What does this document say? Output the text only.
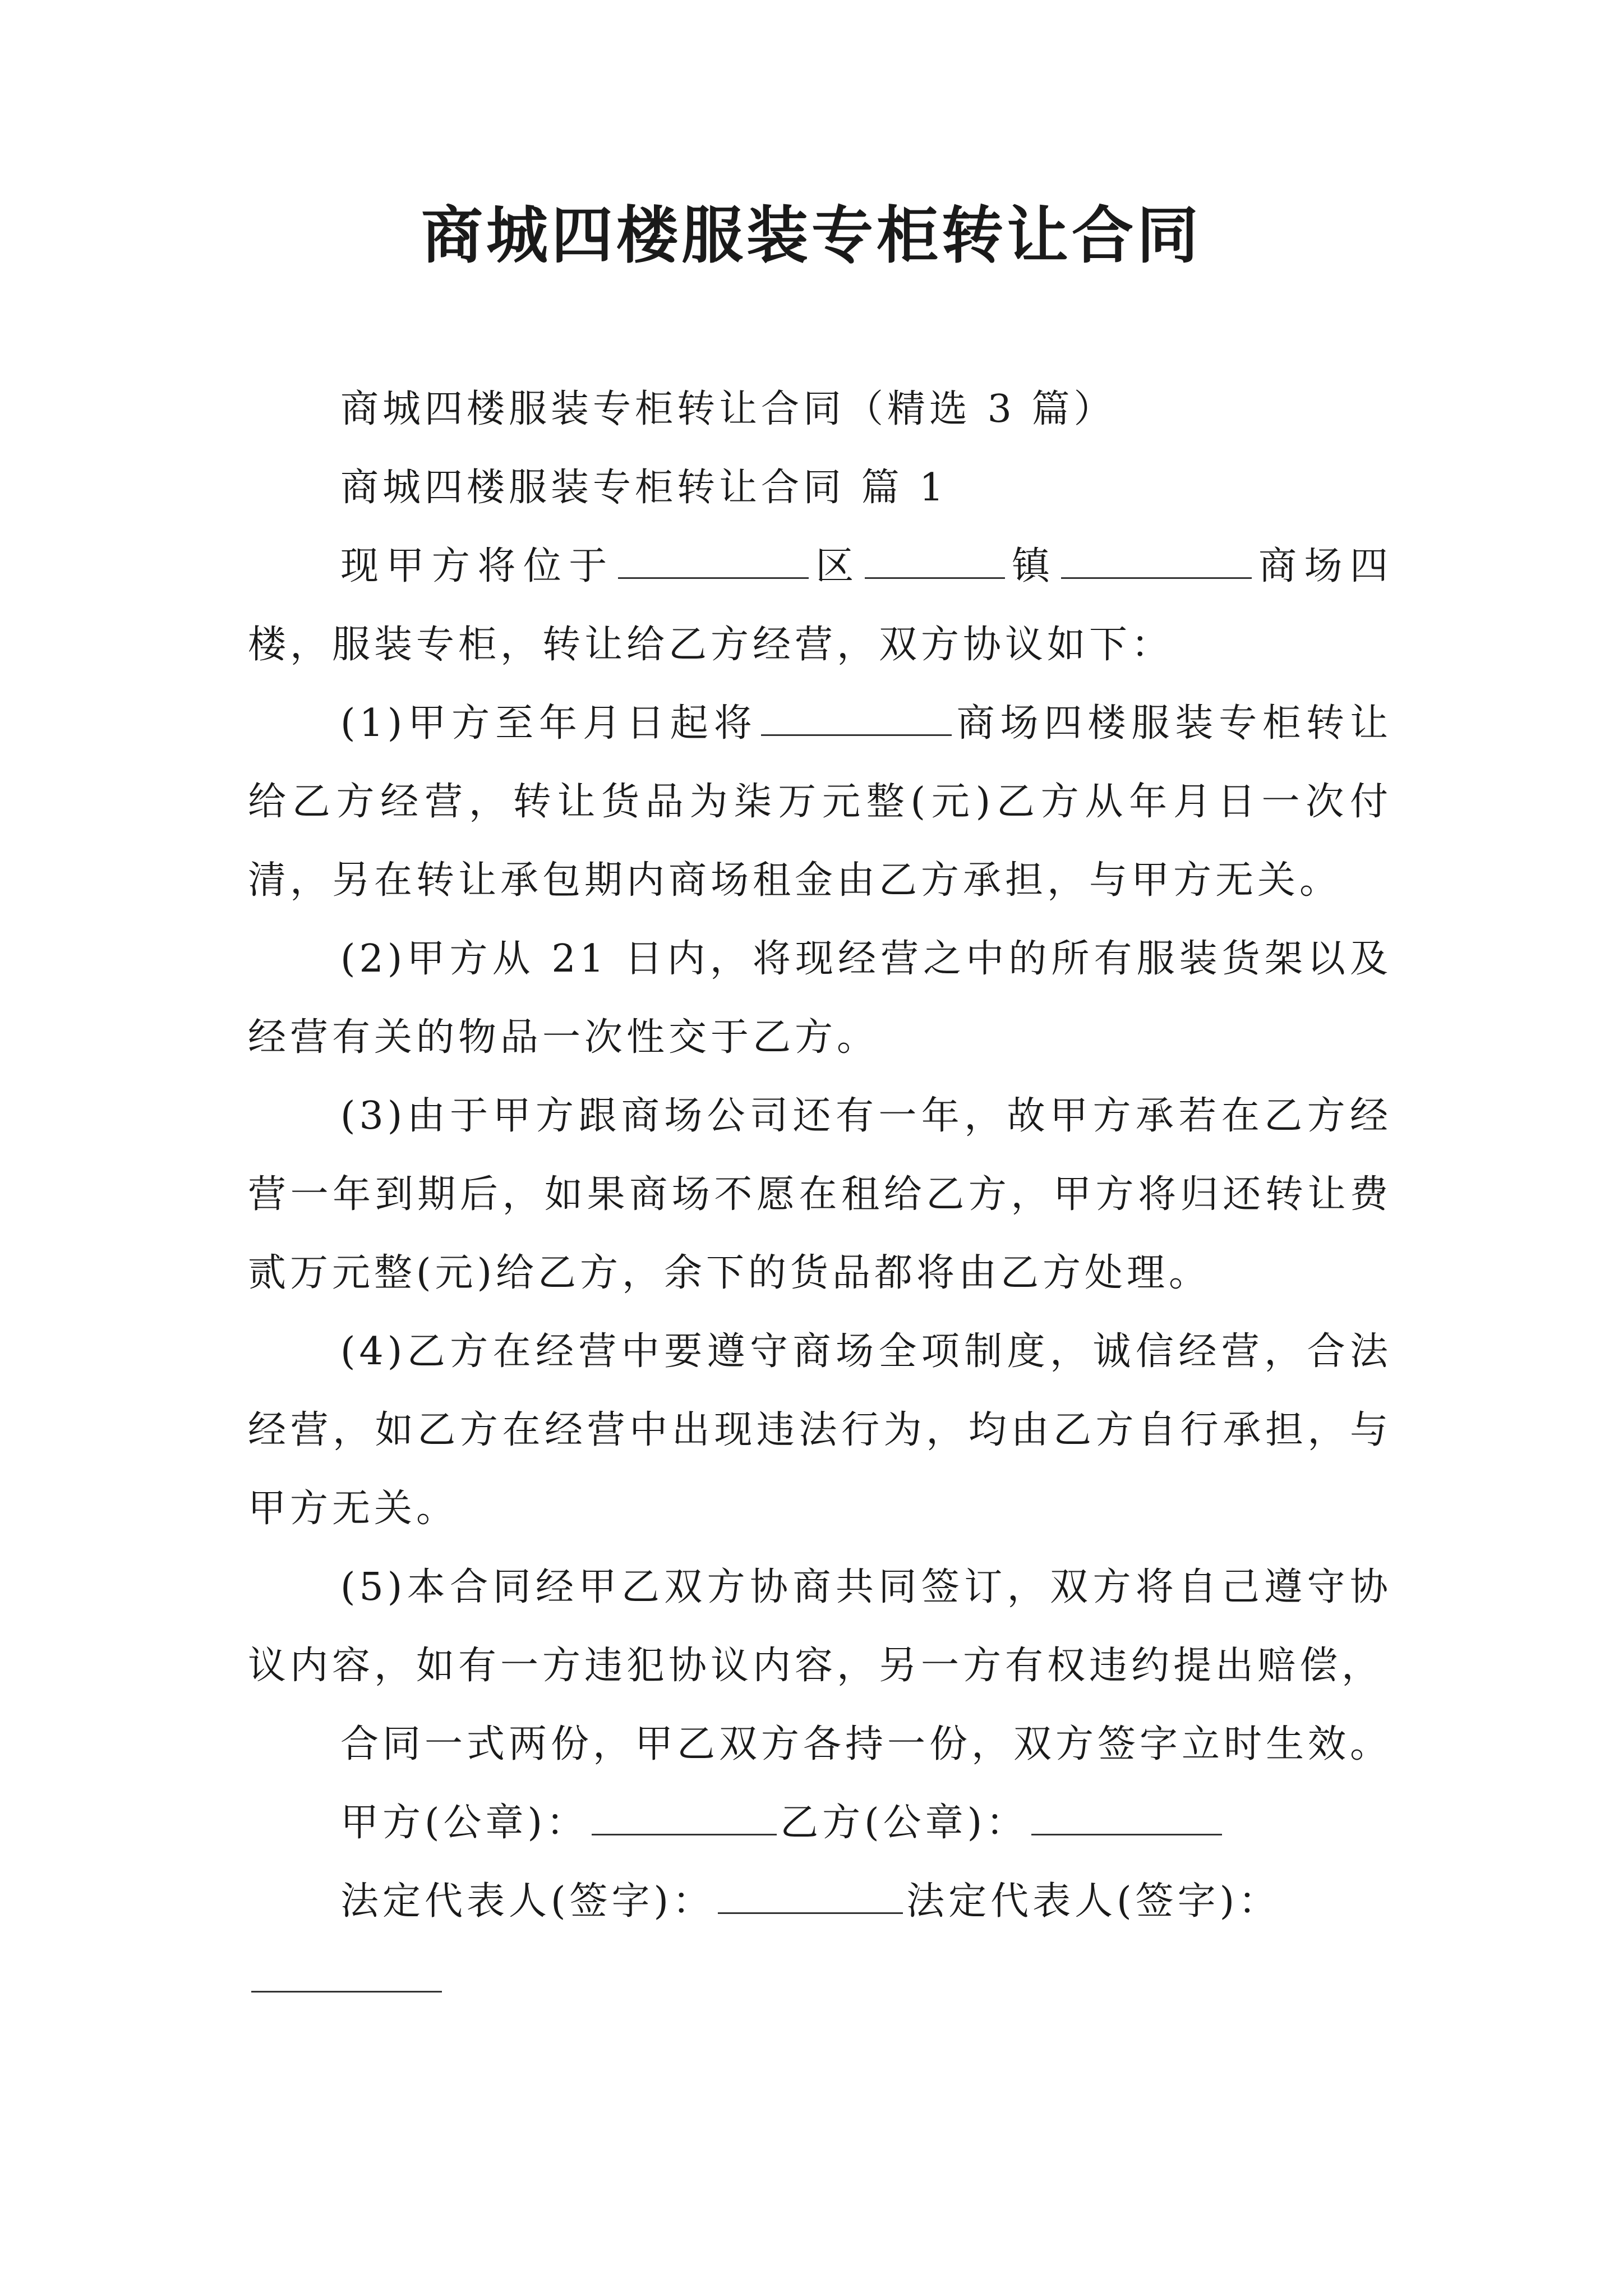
商城四楼服装专柜转让合同

商城四楼服装专柜转让合同（精选 3 篇）

商城四楼服装专柜转让合同 篇 1

现甲方将位于	区	镇	商场四楼，服装专柜，转让给乙方经营，双方协议如下：

(1)甲方至年月日起将	商场四楼服装专柜转让给乙方经营，转让货品为柒万元整(元)乙方从年月日一次付清，另在转让承包期内商场租金由乙方承担，与甲方无关。

(2)甲方从 21 日内，将现经营之中的所有服装货架以及经营有关的物品一次性交于乙方。

(3)由于甲方跟商场公司还有一年，故甲方承若在乙方经营一年到期后，如果商场不愿在租给乙方，甲方将归还转让费贰万元整(元)给乙方，余下的货品都将由乙方处理。

(4)乙方在经营中要遵守商场全项制度，诚信经营，合法经营，如乙方在经营中出现违法行为，均由乙方自行承担，与甲方无关。

(5)本合同经甲乙双方协商共同签订，双方将自己遵守协议内容，如有一方违犯协议内容，另一方有权违约提出赔偿，

合同一式两份，甲乙双方各持一份，双方签字立时生效。

甲方(公章)：	乙方(公章)：

法定代表人(签字)：	法定代表人(签字)：
